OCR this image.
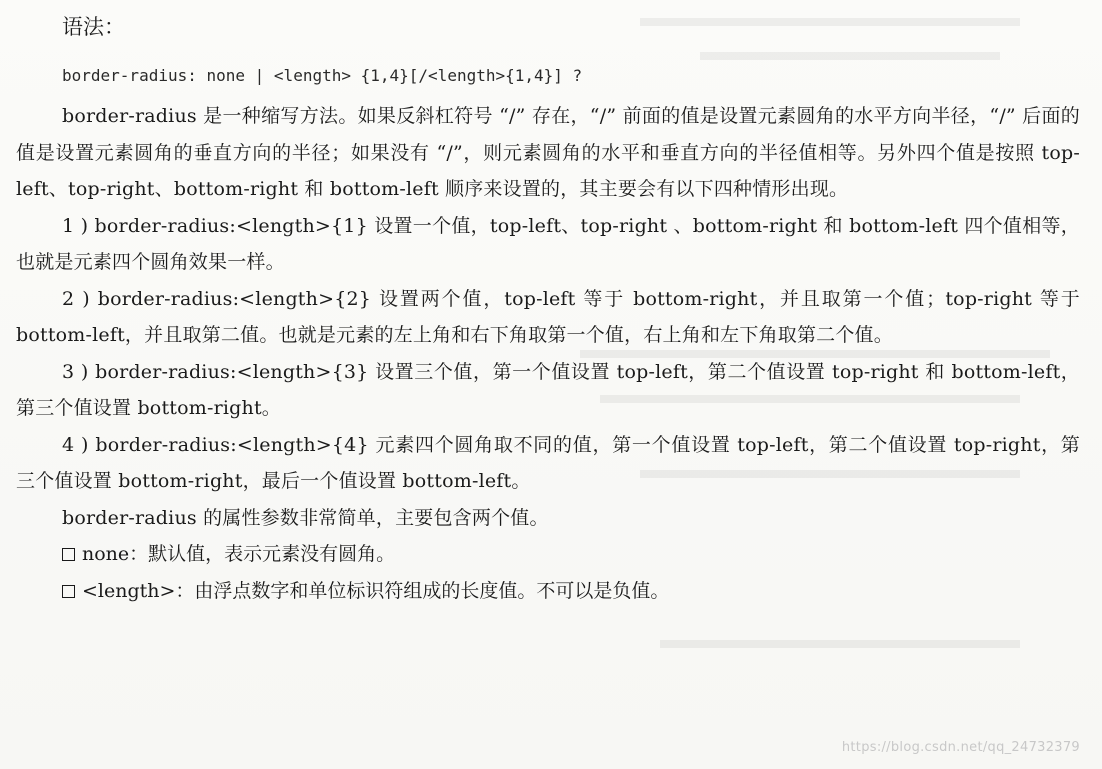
语法：

border-radius: none | <length> {1,4}[/<length>{1,4}] ?

border-radius 是一种缩写方法。如果反斜杠符号 “/” 存在，“/” 前面的值是设置元素圆角的水平方向半径，“/” 后面的值是设置元素圆角的垂直方向的半径；如果没有 “/”，则元素圆角的水平和垂直方向的半径值相等。另外四个值是按照 top-left、top-right、bottom-right 和 bottom-left 顺序来设置的，其主要会有以下四种情形出现。

1 ) border-radius:<length>{1} 设置一个值，top-left、top-right 、bottom-right 和 bottom-left 四个值相等，也就是元素四个圆角效果一样。

2 ) border-radius:<length>{2} 设置两个值，top-left 等于 bottom-right，并且取第一个值；top-right 等于 bottom-left，并且取第二值。也就是元素的左上角和右下角取第一个值，右上角和左下角取第二个值。

3 ) border-radius:<length>{3} 设置三个值，第一个值设置 top-left，第二个值设置 top-right 和 bottom-left，第三个值设置 bottom-right。

4 ) border-radius:<length>{4} 元素四个圆角取不同的值，第一个值设置 top-left，第二个值设置 top-right，第三个值设置 bottom-right，最后一个值设置 bottom-left。

border-radius 的属性参数非常简单，主要包含两个值。

none：默认值，表示元素没有圆角。

<length>：由浮点数字和单位标识符组成的长度值。不可以是负值。

https://blog.csdn.net/qq_24732379
